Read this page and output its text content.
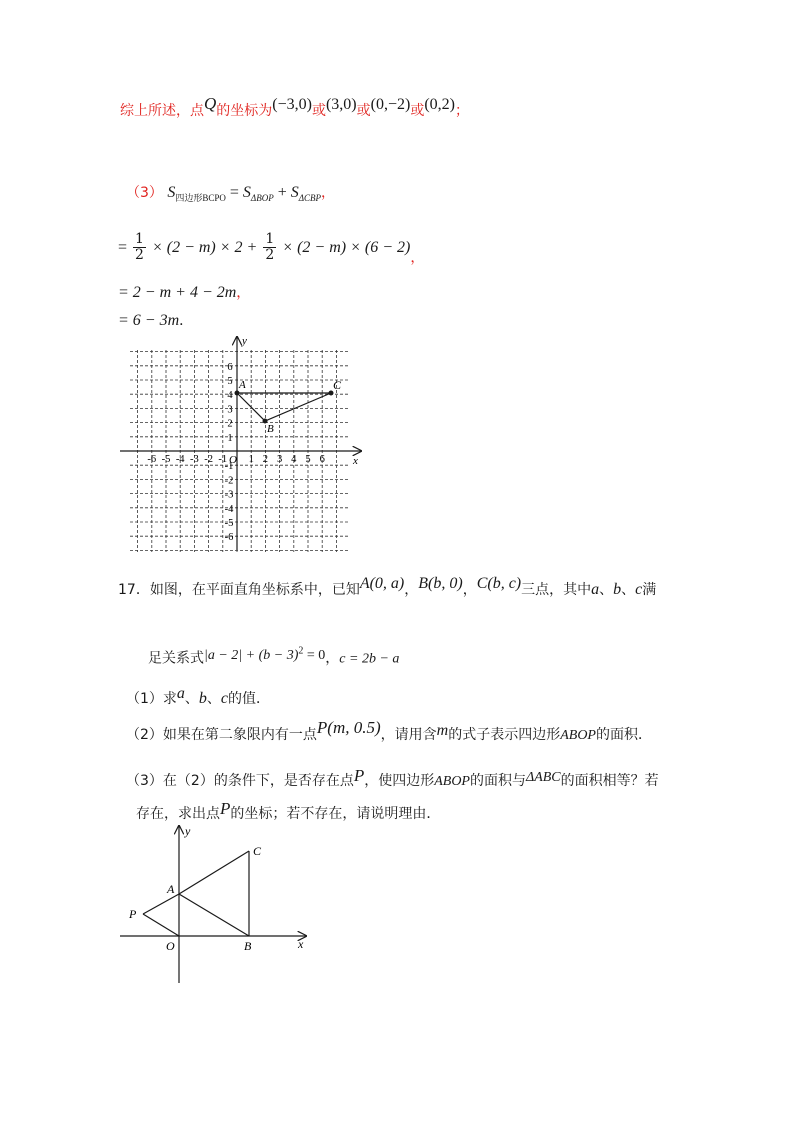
综上所述，点Q的坐标为(−3,0)或(3,0)或(0,−2)或(0,2)；
（3） $S_{四边形BCPO} = S_{\Delta BOP} + S_{\Delta CBP}$，
= $\frac{1}{2} \times (2 - m) \times 2 + \frac{1}{2} \times (2 - m) \times (6 - 2)$，
= 2 − m + 4 − 2m，
= 6 − 3m．
x
y
O
-6 -5 -4 -3 -2 -1 1 2 3 4 5 6
1
2
3
4
5
6
-1
-2
-3
-4
-5
-6
A
B
C
17．如图，在平面直角坐标系中，已知A(0, a)，B(b, 0)，C(b, c)三点，其中a、b、c满
足关系式$|a - 2| + (b - 3)^2 = 0$，c = 2b − a
（1）求a、b、c的值．
（2）如果在第二象限内有一点P(m, 0.5)，请用含m的式子表示四边形ABOP的面积．
（3）在（2）的条件下，是否存在点P，使四边形ABOP的面积与ΔABC的面积相等？若
存在，求出点P的坐标；若不存在，请说明理由．
x
y
O
A
B
C
P
